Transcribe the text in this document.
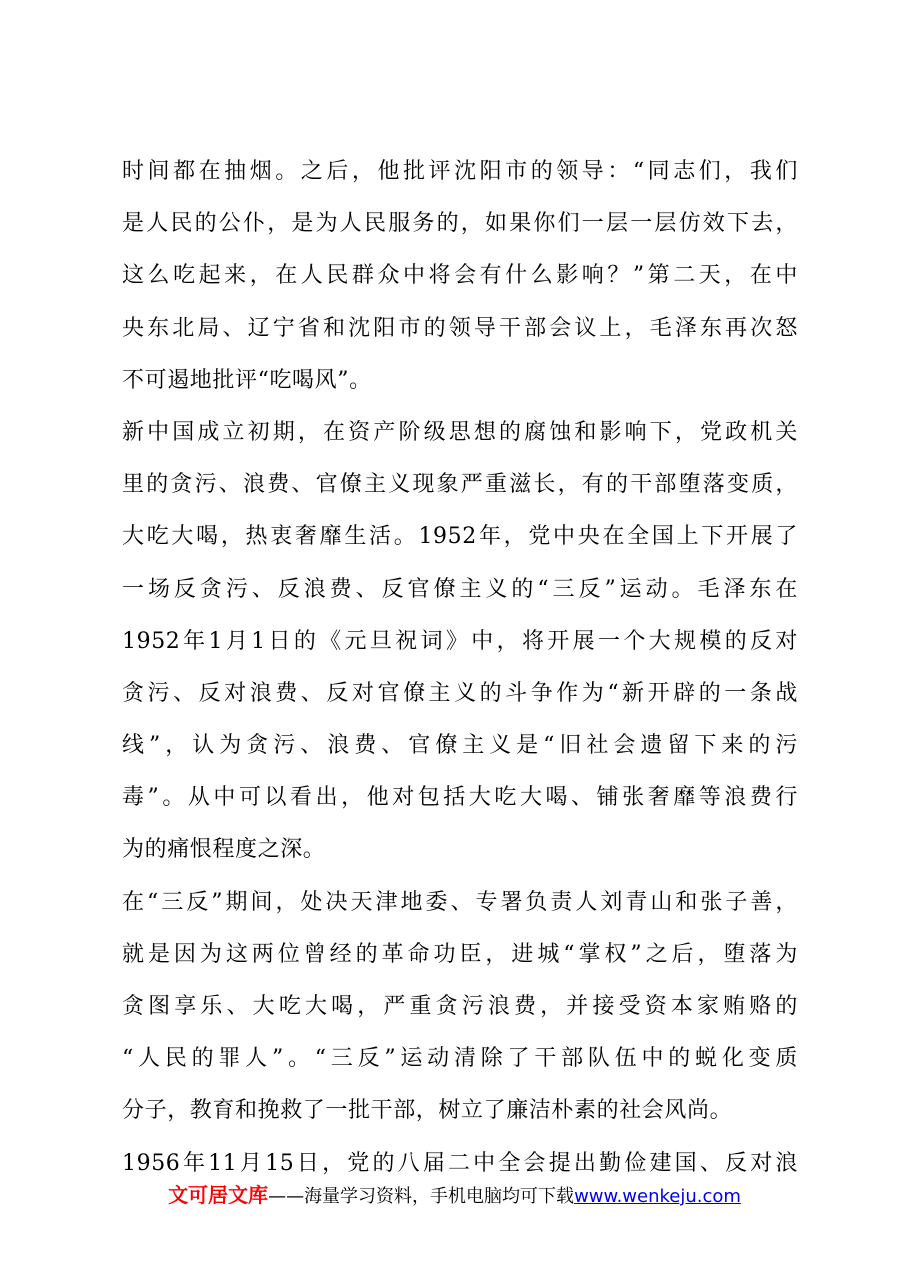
时间都在抽烟。之后，他批评沈阳市的领导：“同志们，我们
是人民的公仆，是为人民服务的，如果你们一层一层仿效下去，
这么吃起来，在人民群众中将会有什么影响？”第二天，在中
央东北局、辽宁省和沈阳市的领导干部会议上，毛泽东再次怒
不可遏地批评“吃喝风”。
新中国成立初期，在资产阶级思想的腐蚀和影响下，党政机关
里的贪污、浪费、官僚主义现象严重滋长，有的干部堕落变质，
大吃大喝，热衷奢靡生活。1952年，党中央在全国上下开展了
一场反贪污、反浪费、反官僚主义的“三反”运动。毛泽东在
1952年1月1日的《元旦祝词》中，将开展一个大规模的反对
贪污、反对浪费、反对官僚主义的斗争作为“新开辟的一条战
线”，认为贪污、浪费、官僚主义是“旧社会遗留下来的污
毒”。从中可以看出，他对包括大吃大喝、铺张奢靡等浪费行
为的痛恨程度之深。
在“三反”期间，处决天津地委、专署负责人刘青山和张子善，
就是因为这两位曾经的革命功臣，进城“掌权”之后，堕落为
贪图享乐、大吃大喝，严重贪污浪费，并接受资本家贿赂的
“人民的罪人”。“三反”运动清除了干部队伍中的蜕化变质
分子，教育和挽救了一批干部，树立了廉洁朴素的社会风尚。
1956年11月15日，党的八届二中全会提出勤俭建国、反对浪
文可居文库——海量学习资料，手机电脑均可下载www.wenkeju.com
